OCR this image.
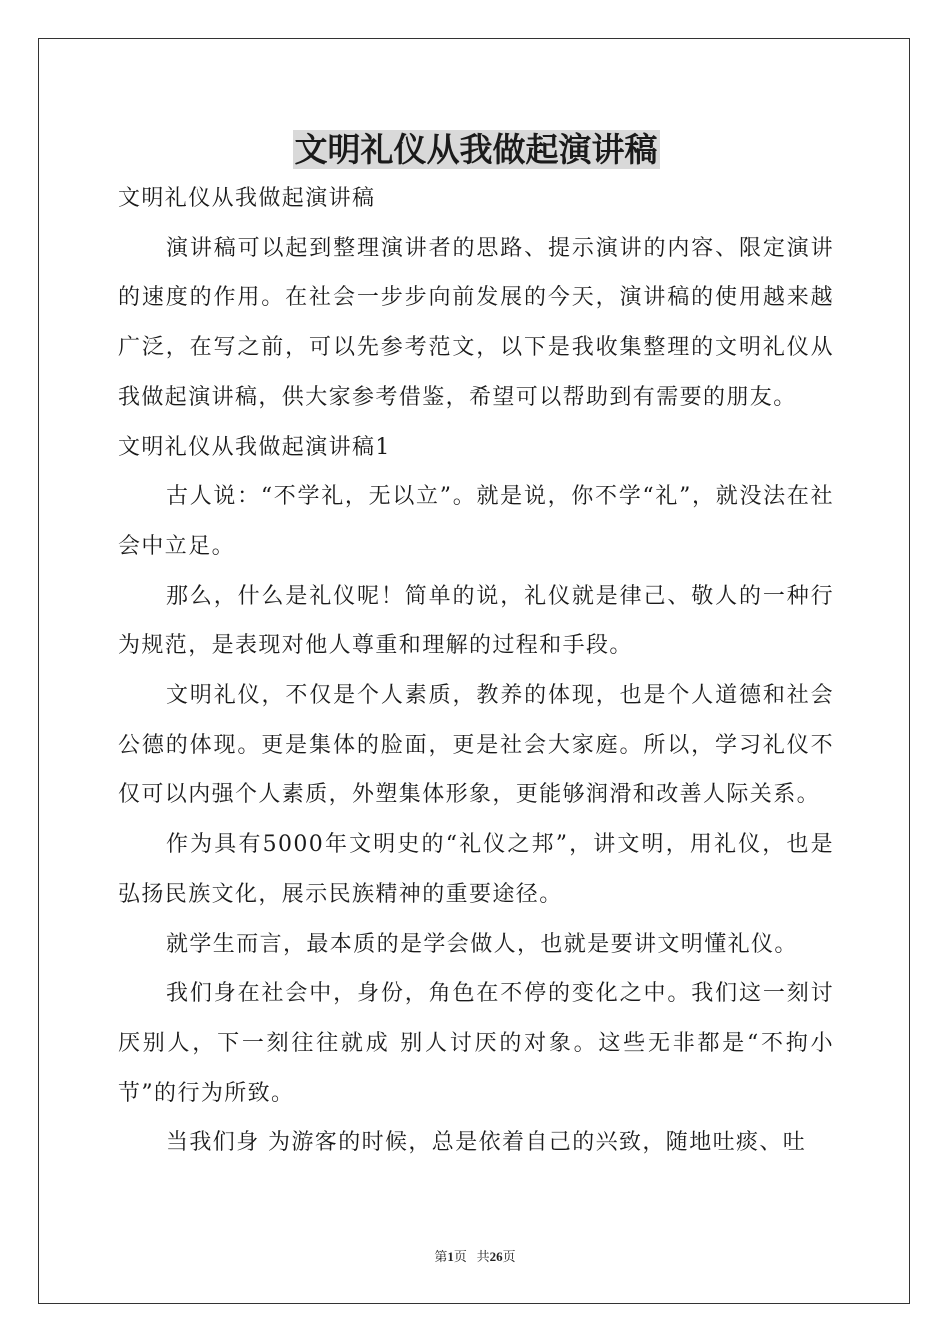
文明礼仪从我做起演讲稿

文明礼仪从我做起演讲稿

演讲稿可以起到整理演讲者的思路、提示演讲的内容、限定演讲的速度的作用。在社会一步步向前发展的今天，演讲稿的使用越来越广泛，在写之前，可以先参考范文，以下是我收集整理的文明礼仪从我做起演讲稿，供大家参考借鉴，希望可以帮助到有需要的朋友。

文明礼仪从我做起演讲稿1

古人说：“不学礼，无以立”。就是说，你不学“礼”，就没法在社会中立足。

那么，什么是礼仪呢！简单的说，礼仪就是律己、敬人的一种行为规范，是表现对他人尊重和理解的过程和手段。

文明礼仪，不仅是个人素质，教养的体现，也是个人道德和社会公德的体现。更是集体的脸面，更是社会大家庭。所以，学习礼仪不仅可以内强个人素质，外塑集体形象，更能够润滑和改善人际关系。

作为具有5000年文明史的“礼仪之邦”，讲文明，用礼仪，也是弘扬民族文化，展示民族精神的重要途径。

就学生而言，最本质的是学会做人，也就是要讲文明懂礼仪。

我们身在社会中，身份，角色在不停的变化之中。我们这一刻讨厌别人，下一刻往往就成 别人讨厌的对象。这些无非都是“不拘小节”的行为所致。

当我们身 为游客的时候，总是依着自己的兴致，随地吐痰、吐

第1页 共26页
